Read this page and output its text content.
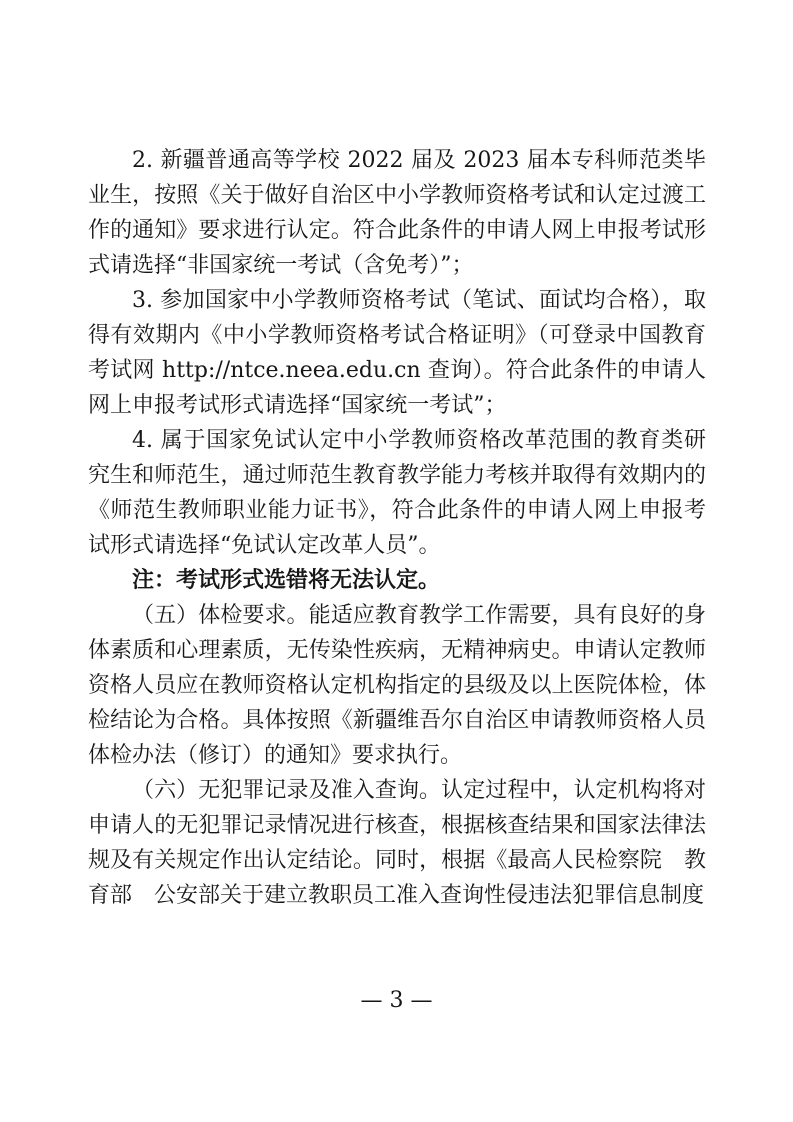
2. 新疆普通高等学校 2022 届及 2023 届本专科师范类毕业生，按照《关于做好自治区中小学教师资格考试和认定过渡工作的通知》要求进行认定。符合此条件的申请人网上申报考试形式请选择“非国家统一考试（含免考）”；

3. 参加国家中小学教师资格考试（笔试、面试均合格），取得有效期内《中小学教师资格考试合格证明》（可登录中国教育考试网 http://ntce.neea.edu.cn 查询）。符合此条件的申请人网上申报考试形式请选择“国家统一考试”；

4. 属于国家免试认定中小学教师资格改革范围的教育类研究生和师范生，通过师范生教育教学能力考核并取得有效期内的《师范生教师职业能力证书》，符合此条件的申请人网上申报考试形式请选择“免试认定改革人员”。

注：考试形式选错将无法认定。

（五）体检要求。能适应教育教学工作需要，具有良好的身体素质和心理素质，无传染性疾病，无精神病史。申请认定教师资格人员应在教师资格认定机构指定的县级及以上医院体检，体检结论为合格。具体按照《新疆维吾尔自治区申请教师资格人员体检办法（修订）的通知》要求执行。

（六）无犯罪记录及准入查询。认定过程中，认定机构将对申请人的无犯罪记录情况进行核查，根据核查结果和国家法律法规及有关规定作出认定结论。同时，根据《最高人民检察院　教育部　公安部关于建立教职员工准入查询性侵违法犯罪信息制度

— 3 —
